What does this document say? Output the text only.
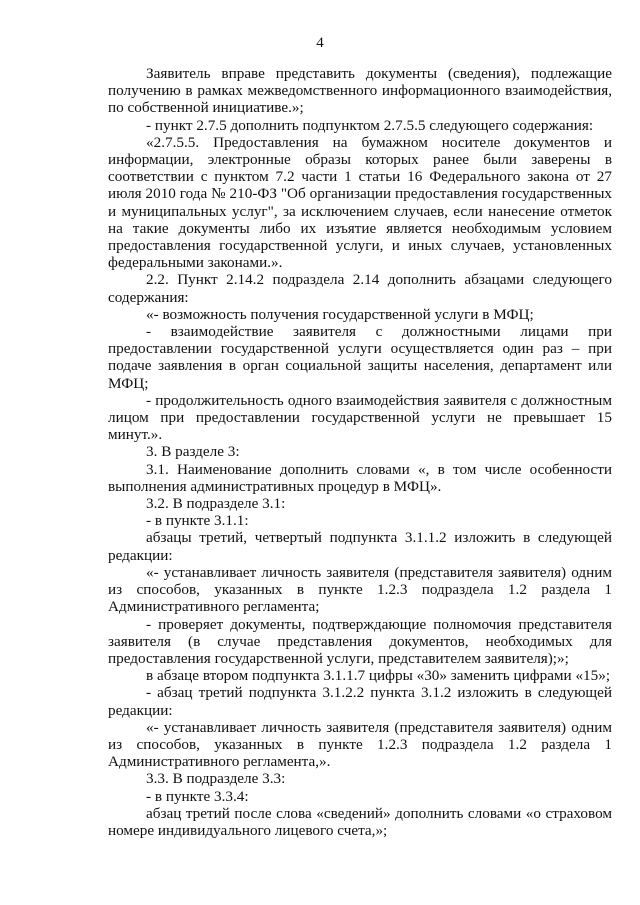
4

Заявитель вправе представить документы (сведения), подлежащие получению в рамках межведомственного информационного взаимодействия, по собственной инициативе.»;

- пункт 2.7.5 дополнить подпунктом 2.7.5.5 следующего содержания:

«2.7.5.5. Предоставления на бумажном носителе документов и информации, электронные образы которых ранее были заверены в соответствии с пунктом 7.2 части 1 статьи 16 Федерального закона от 27 июля 2010 года № 210-ФЗ "Об организации предоставления государственных и муниципальных услуг", за исключением случаев, если нанесение отметок на такие документы либо их изъятие является необходимым условием предоставления государственной услуги, и иных случаев, установленных федеральными законами.».

2.2. Пункт 2.14.2 подраздела 2.14 дополнить абзацами следующего содержания:

«- возможность получения государственной услуги в МФЦ;

- взаимодействие заявителя с должностными лицами при предоставлении государственной услуги осуществляется один раз – при подаче заявления в орган социальной защиты населения, департамент или МФЦ;

- продолжительность одного взаимодействия заявителя с должностным лицом при предоставлении государственной услуги не превышает 15 минут.».

3. В разделе 3:

3.1. Наименование дополнить словами «, в том числе особенности выполнения административных процедур в МФЦ».

3.2. В подразделе 3.1:

- в пункте 3.1.1:

абзацы третий, четвертый подпункта 3.1.1.2 изложить в следующей редакции:

«- устанавливает личность заявителя (представителя заявителя) одним из способов, указанных в пункте 1.2.3 подраздела 1.2 раздела 1 Административного регламента;

- проверяет документы, подтверждающие полномочия представителя заявителя (в случае представления документов, необходимых для предоставления государственной услуги, представителем заявителя);»;

в абзаце втором подпункта 3.1.1.7 цифры «30» заменить цифрами «15»;

- абзац третий подпункта 3.1.2.2 пункта 3.1.2 изложить в следующей редакции:

«- устанавливает личность заявителя (представителя заявителя) одним из способов, указанных в пункте 1.2.3 подраздела 1.2 раздела 1 Административного регламента,».

3.3. В подразделе 3.3:

- в пункте 3.3.4:

абзац третий после слова «сведений» дополнить словами «о страховом номере индивидуального лицевого счета,»;
